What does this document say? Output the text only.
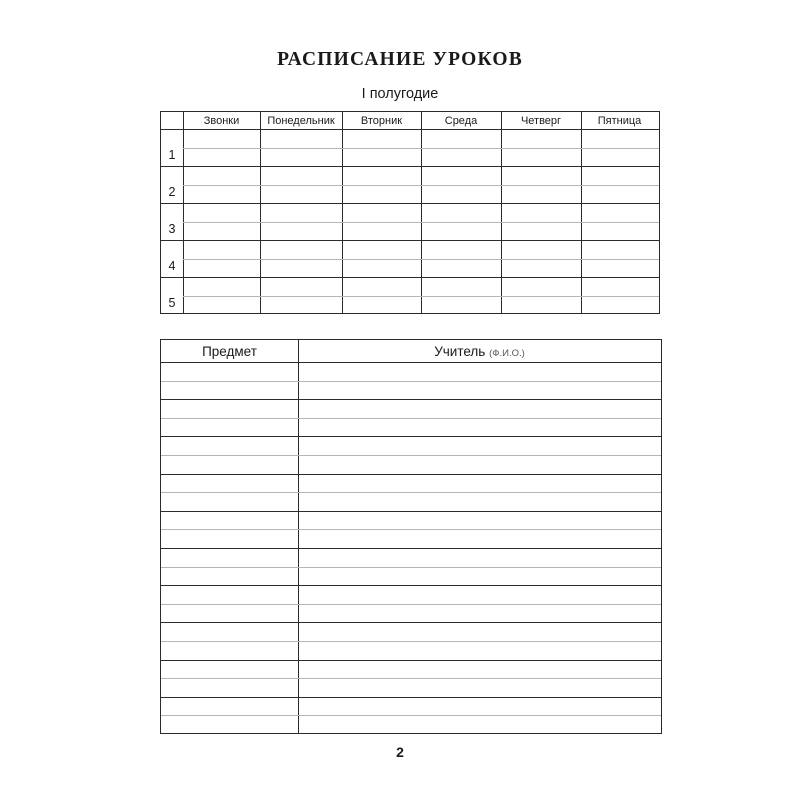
РАСПИСАНИЕ УРОКОВ
I полугодие
Звонки	Понедельник	Вторник	Среда	Четверг	Пятница
1
2
3
4
5
Предмет	Учитель (Ф.И.О.)
2
